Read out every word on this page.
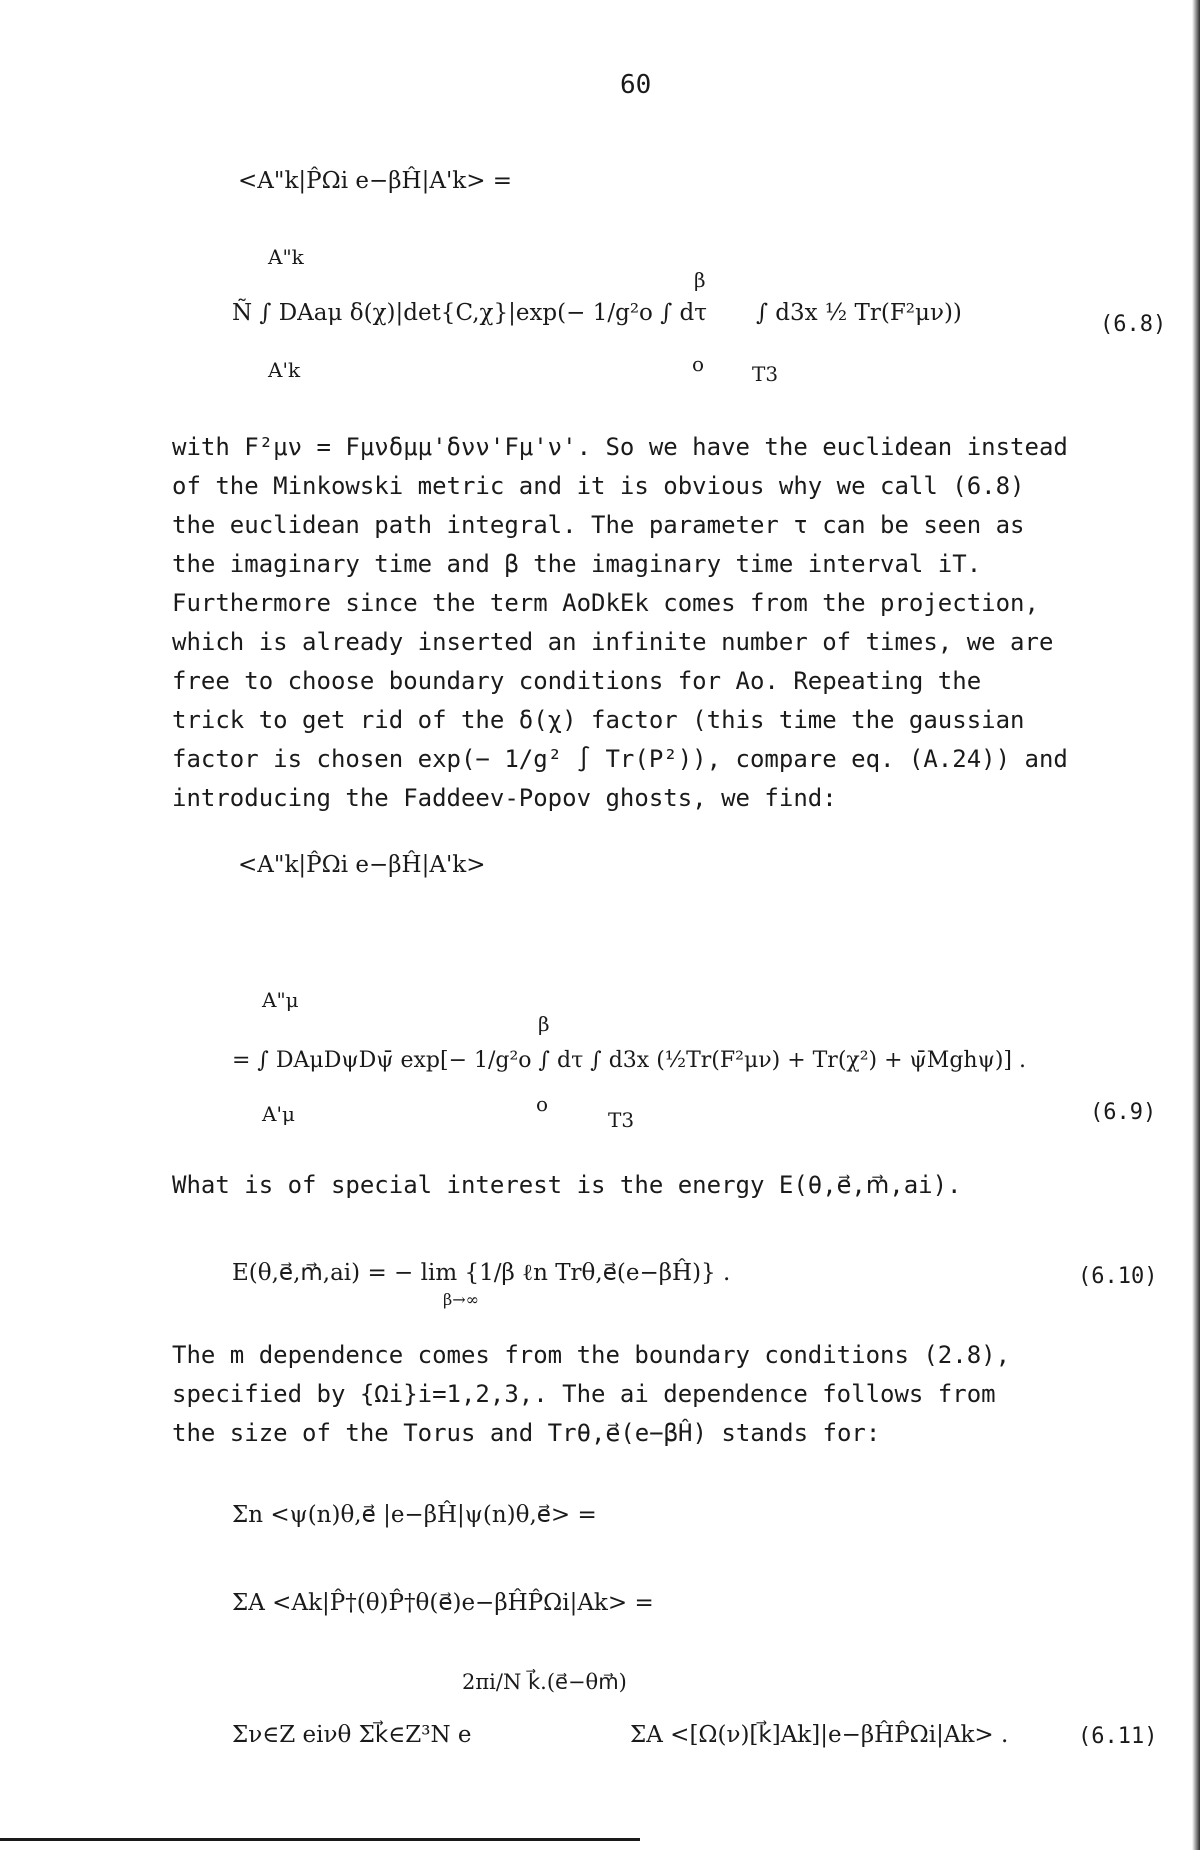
60
<A"k|P̂Ωi e−βĤ|A'k> =
A"k
β
Ñ ∫ DAaμ δ(χ)|det{C,χ}|exp(− 1/g²o ∫ dτ ∫ d3x ½ Tr(F²μν))
o
A'k	T3
(6.8)
with F²μν = Fμνδμμ'δνν'Fμ'ν'. So we have the euclidean instead
of the Minkowski metric and it is obvious why we call (6.8)
the euclidean path integral. The parameter τ can be seen as
the imaginary time and β the imaginary time interval iT.
Furthermore since the term AoDkEk comes from the projection,
which is already inserted an infinite number of times, we are
free to choose boundary conditions for Ao. Repeating the
trick to get rid of the δ(χ) factor (this time the gaussian
factor is chosen exp(− 1/g² ∫ Tr(P²)), compare eq. (A.24)) and
introducing the Faddeev-Popov ghosts, we find:
<A"k|P̂Ωi e−βĤ|A'k>
A"μ
β
= ∫ DAμDψDψ̄ exp[− 1/g²o ∫ dτ ∫ d3x (½Tr(F²μν) + Tr(χ²) + ψ̄Mghψ)] .
o
A'μ	T3	(6.9)
What is of special interest is the energy E(θ,e⃗,m⃗,ai).
E(θ,e⃗,m⃗,ai) = − lim {1/β ℓn Trθ,e⃗(e−βĤ)} .
β→∞
(6.10)
The m dependence comes from the boundary conditions (2.8),
specified by {Ωi}i=1,2,3,. The ai dependence follows from
the size of the Torus and Trθ,e⃗(e−βĤ) stands for:
Σn <ψ(n)θ,e⃗ |e−βĤ|ψ(n)θ,e⃗> =
ΣA <Ak|P̂†(θ)P̂†θ(e⃗)e−βĤP̂Ωi|Ak> =
2πi/N k⃗.(e⃗−θm⃗)
Σν∈Z eiνθ Σk⃗∈Z³N e	ΣA <[Ω(ν)[k⃗]Ak]|e−βĤP̂Ωi|Ak> .	(6.11)
